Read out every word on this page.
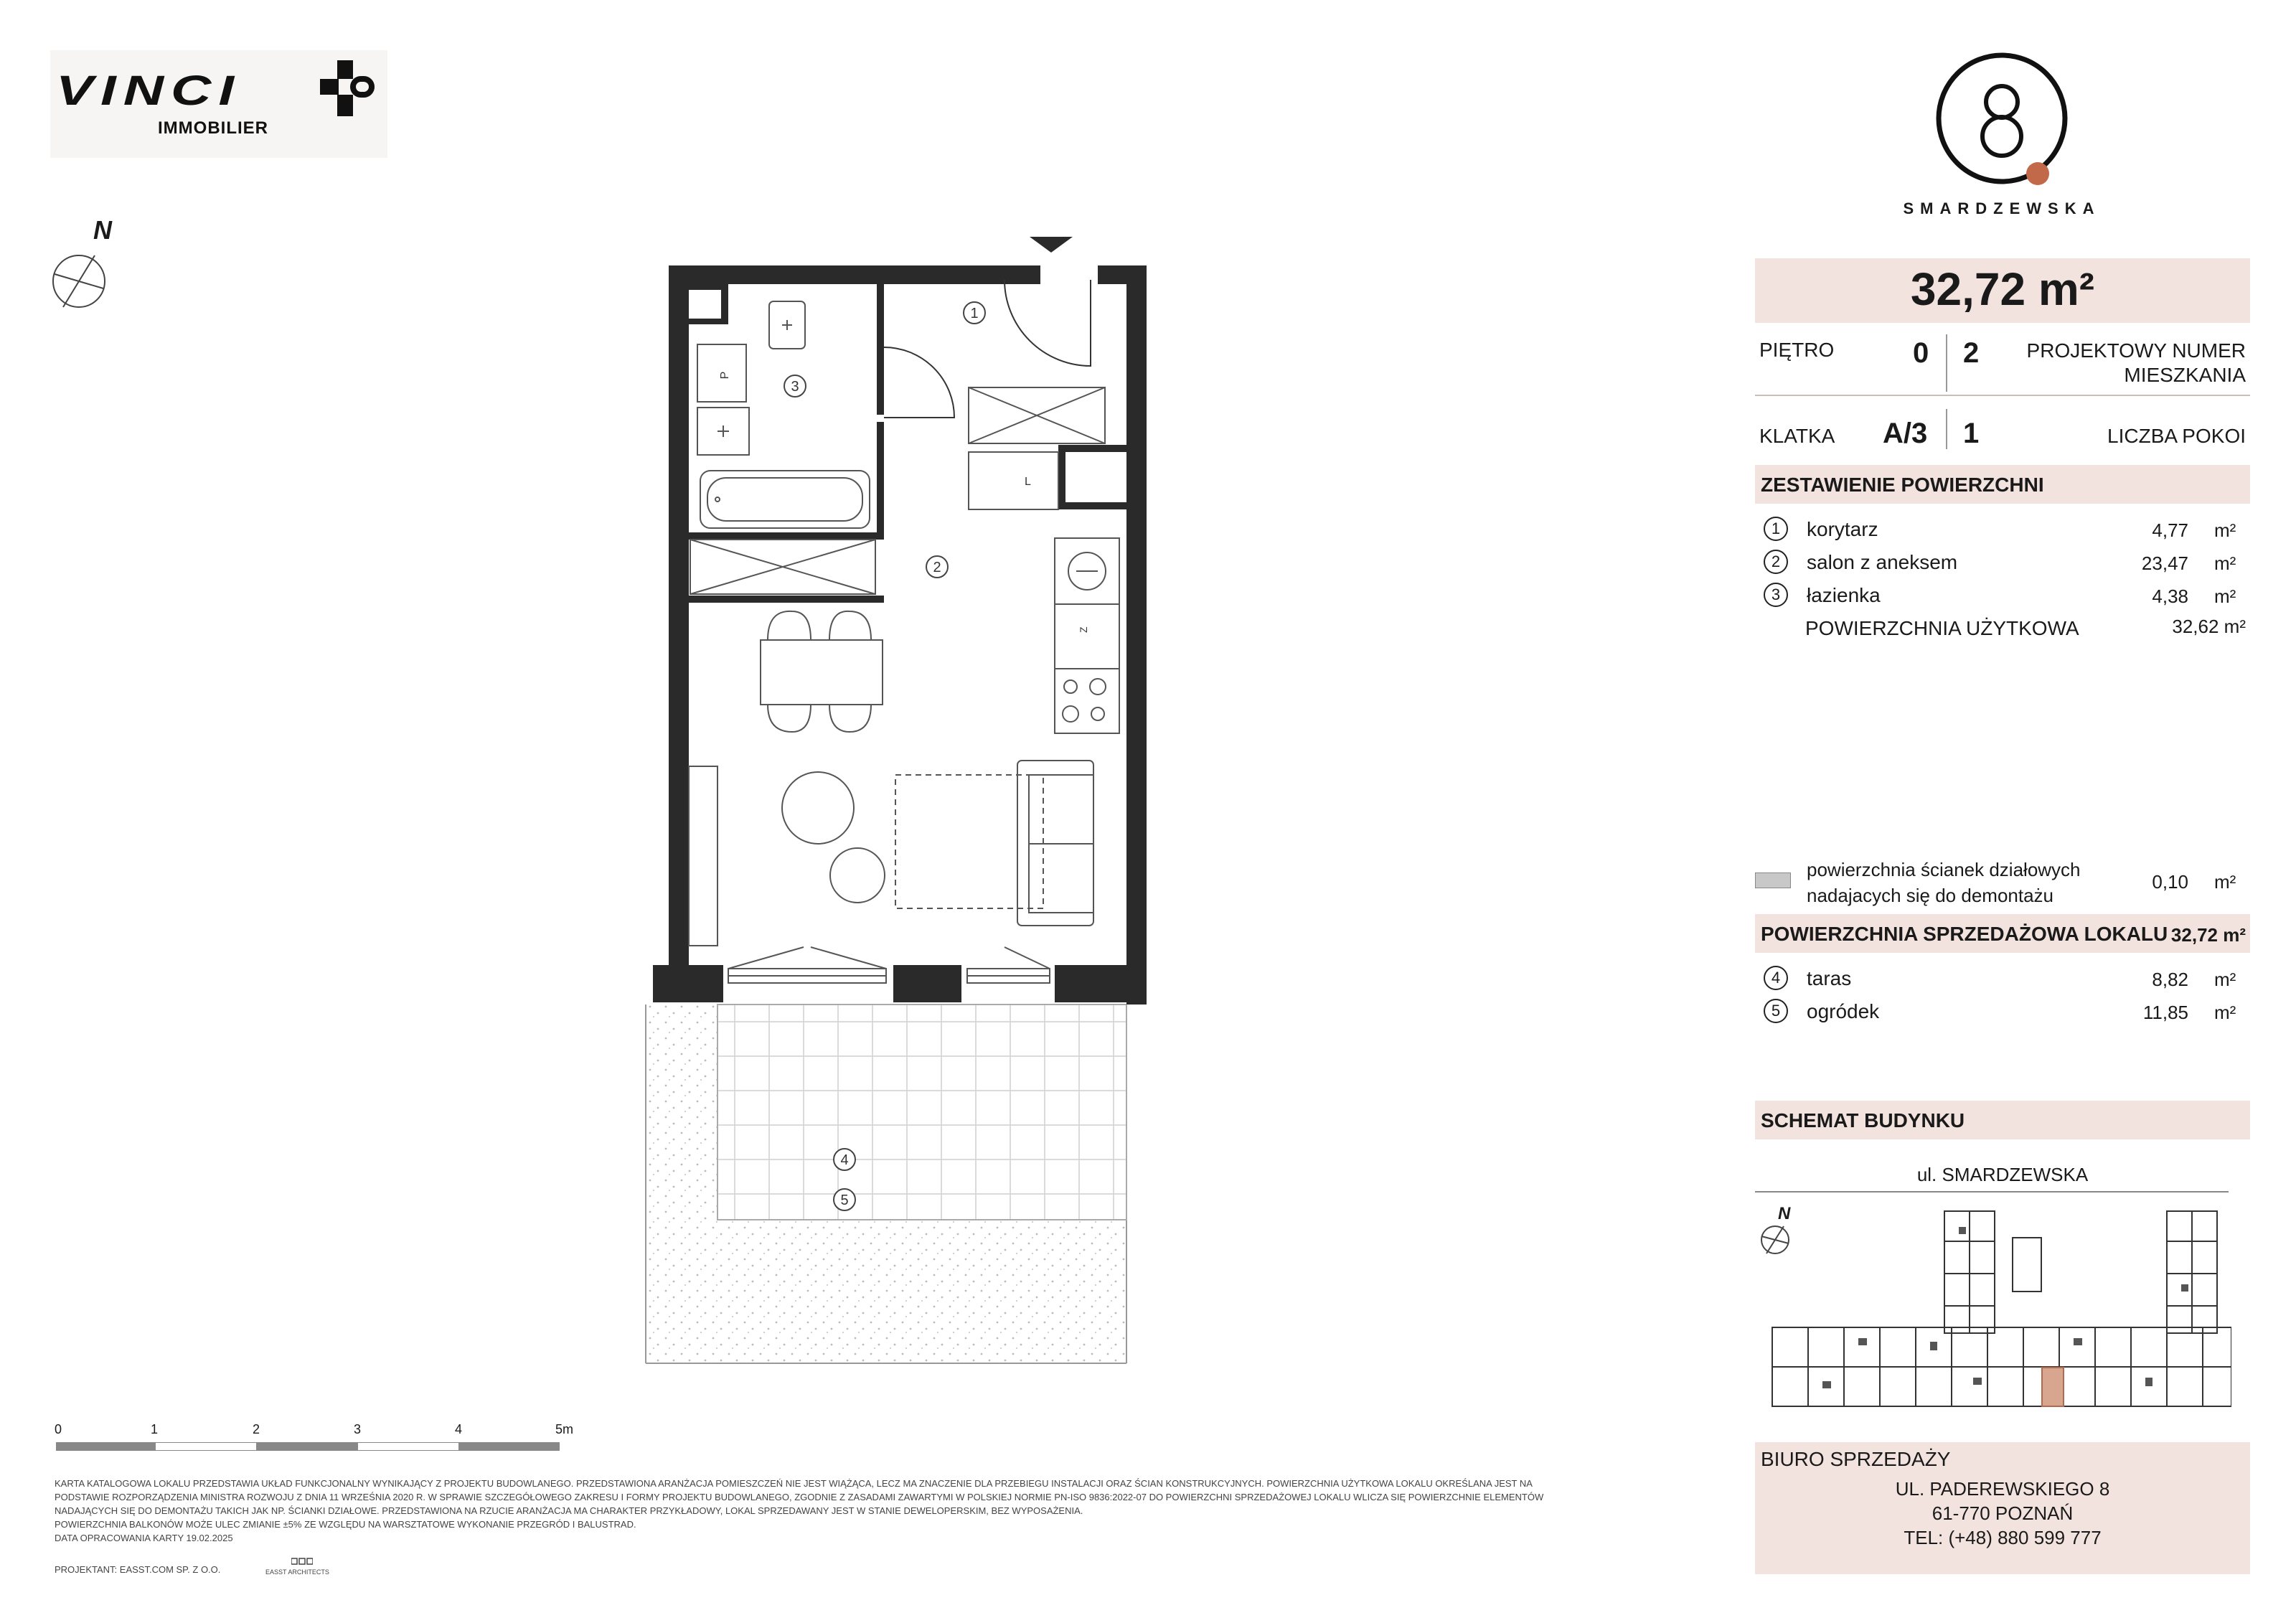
VINCI
IMMOBILIER
SMARDZEWSKA
N
P
L
Z
1
2
3
4
5
0	1	2	3	4	5m
KARTA KATALOGOWA LOKALU PRZEDSTAWIA UKŁAD FUNKCJONALNY WYNIKAJĄCY Z PROJEKTU BUDOWLANEGO. PRZEDSTAWIONA ARANŻACJA POMIESZCZEŃ NIE JEST WIĄŻĄCA, LECZ MA ZNACZENIE DLA PRZEBIEGU INSTALACJI ORAZ ŚCIAN KONSTRUKCYJNYCH. POWIERZCHNIA UŻYTKOWA LOKALU OKREŚLANA JEST NA
PODSTAWIE ROZPORZĄDZENIA MINISTRA ROZWOJU Z DNIA 11 WRZEŚNIA 2020 R. W SPRAWIE SZCZEGÓŁOWEGO ZAKRESU I FORMY PROJEKTU BUDOWLANEGO, ZGODNIE Z ZASADAMI ZAWARTYMI W POLSKIEJ NORMIE PN-ISO 9836:2022-07 DO POWIERZCHNI SPRZEDAŻOWEJ LOKALU WLICZA SIĘ POWIERZCHNIE ELEMENTÓW
NADAJĄCYCH SIĘ DO DEMONTAŻU TAKICH JAK NP. ŚCIANKI DZIAŁOWE. PRZEDSTAWIONA NA RZUCIE ARANŻACJA MA CHARAKTER PRZYKŁADOWY, LOKAL SPRZEDAWANY JEST W STANIE DEWELOPERSKIM, BEZ WYPOSAŻENIA.
POWIERZCHNIA BALKONÓW MOŻE ULEC ZMIANIE ±5% ZE WZGLĘDU NA WARSZTATOWE WYKONANIE PRZEGRÓD I BALUSTRAD.
DATA OPRACOWANIA KARTY 19.02.2025
PROJEKTANT: EASST.COM SP. Z O.O.	EASST ARCHITECTS
32,72 m²
PIĘTRO	0 2	PROJEKTOWY NUMER
MIESZKANIA
KLATKA A/3 1	LICZBA POKOI
ZESTAWIENIE POWIERZCHNI
1	korytarz	4,77 m²
2	salon z aneksem	23,47 m²
3	łazienka	4,38 m²
POWIERZCHNIA UŻYTKOWA	32,62 m²
powierzchnia ścianek działowych
nadajacych się do demontażu
0,10 m²
POWIERZCHNIA SPRZEDAŻOWA LOKALU 32,72 m²
4	taras	8,82 m²
5	ogródek	11,85 m²
SCHEMAT BUDYNKU
ul. SMARDZEWSKA
N
BIURO SPRZEDAŻY
UL. PADEREWSKIEGO 8
61-770 POZNAŃ
TEL: (+48) 880 599 777
